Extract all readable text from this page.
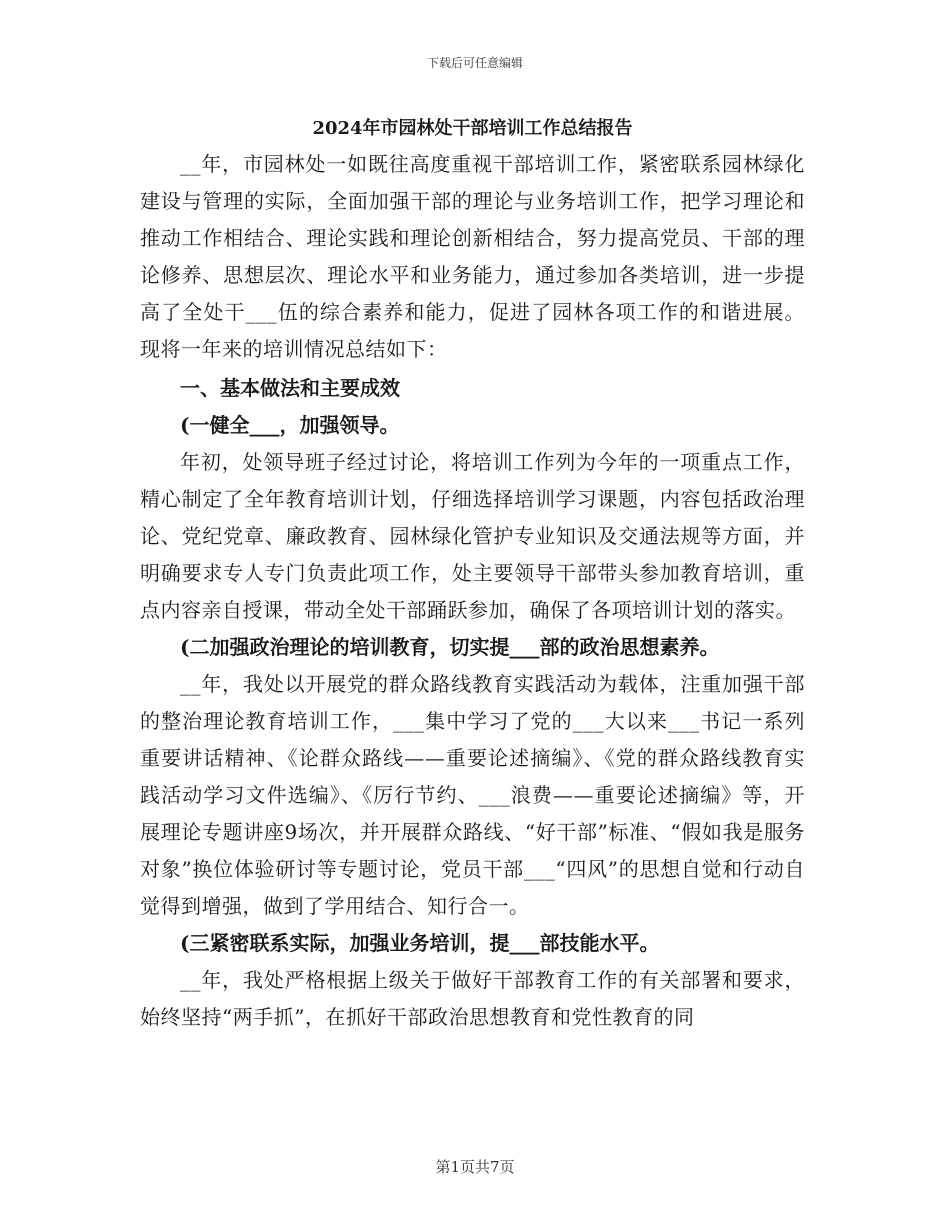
下载后可任意编辑
2024年市园林处干部培训工作总结报告

__年，市园林处一如既往高度重视干部培训工作，紧密联系园林绿化建设与管理的实际，全面加强干部的理论与业务培训工作，把学习理论和推动工作相结合、理论实践和理论创新相结合，努力提高党员、干部的理论修养、思想层次、理论水平和业务能力，通过参加各类培训，进一步提高了全处干___伍的综合素养和能力，促进了园林各项工作的和谐进展。现将一年来的培训情况总结如下：

一、基本做法和主要成效

(一健全___，加强领导。

年初，处领导班子经过讨论，将培训工作列为今年的一项重点工作，精心制定了全年教育培训计划，仔细选择培训学习课题，内容包括政治理论、党纪党章、廉政教育、园林绿化管护专业知识及交通法规等方面，并明确要求专人专门负责此项工作，处主要领导干部带头参加教育培训，重点内容亲自授课，带动全处干部踊跃参加，确保了各项培训计划的落实。

(二加强政治理论的培训教育，切实提___部的政治思想素养。

__年，我处以开展党的群众路线教育实践活动为载体，注重加强干部的整治理论教育培训工作，___集中学习了党的___大以来___书记一系列重要讲话精神、《论群众路线——重要论述摘编》、《党的群众路线教育实践活动学习文件选编》、《厉行节约、___浪费——重要论述摘编》等，开展理论专题讲座9场次，并开展群众路线、“好干部”标准、“假如我是服务对象”换位体验研讨等专题讨论，党员干部___“四风”的思想自觉和行动自觉得到增强，做到了学用结合、知行合一。

(三紧密联系实际，加强业务培训，提___部技能水平。

__年，我处严格根据上级关于做好干部教育工作的有关部署和要求，始终坚持“两手抓”，在抓好干部政治思想教育和党性教育的同

第1页共7页
